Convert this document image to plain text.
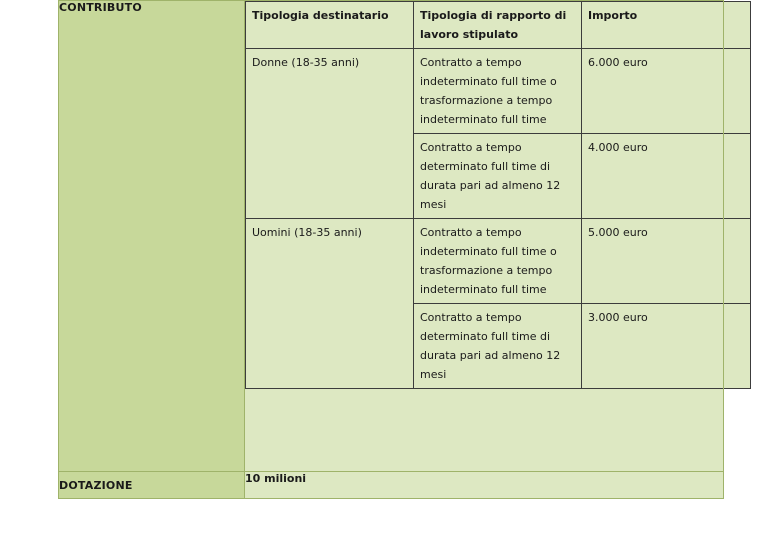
CONTRIBUTO	
Tipologia destinatario	Tipologia di rapporto di lavoro stipulato	Importo
Donne (18-35 anni)	Contratto a tempo indeterminato full time o trasformazione a tempo indeterminato full time	6.000 euro
Contratto a tempo determinato full time di durata pari ad almeno 12 mesi	4.000 euro
Uomini (18-35 anni)	Contratto a tempo indeterminato full time o trasformazione a tempo indeterminato full time	5.000 euro
Contratto a tempo determinato full time di durata pari ad almeno 12 mesi	3.000 euro

DOTAZIONE	10 milioni
